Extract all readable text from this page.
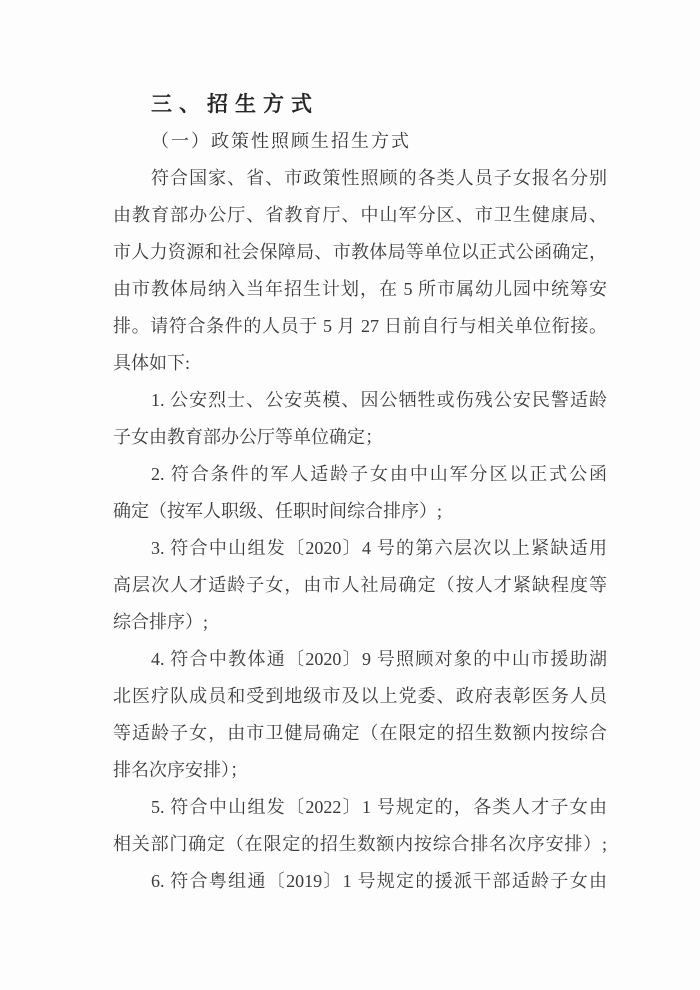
三、招生方式
（一）政策性照顾生招生方式
符合国家、省、市政策性照顾的各类人员子女报名分别
由教育部办公厅、省教育厅、中山军分区、市卫生健康局、
市人力资源和社会保障局、市教体局等单位以正式公函确定，
由市教体局纳入当年招生计划，在 5 所市属幼儿园中统筹安
排。请符合条件的人员于 5 月 27 日前自行与相关单位衔接。
具体如下:
1. 公安烈士、公安英模、因公牺牲或伤残公安民警适龄
子女由教育部办公厅等单位确定；
2. 符合条件的军人适龄子女由中山军分区以正式公函
确定（按军人职级、任职时间综合排序）;
3. 符合中山组发〔2020〕4 号的第六层次以上紧缺适用
高层次人才适龄子女，由市人社局确定（按人才紧缺程度等
综合排序）;
4. 符合中教体通〔2020〕9 号照顾对象的中山市援助湖
北医疗队成员和受到地级市及以上党委、政府表彰医务人员
等适龄子女，由市卫健局确定（在限定的招生数额内按综合
排名次序安排）；
5. 符合中山组发〔2022〕1 号规定的，各类人才子女由
相关部门确定（在限定的招生数额内按综合排名次序安排）;
6. 符合粤组通〔2019〕1 号规定的援派干部适龄子女由
